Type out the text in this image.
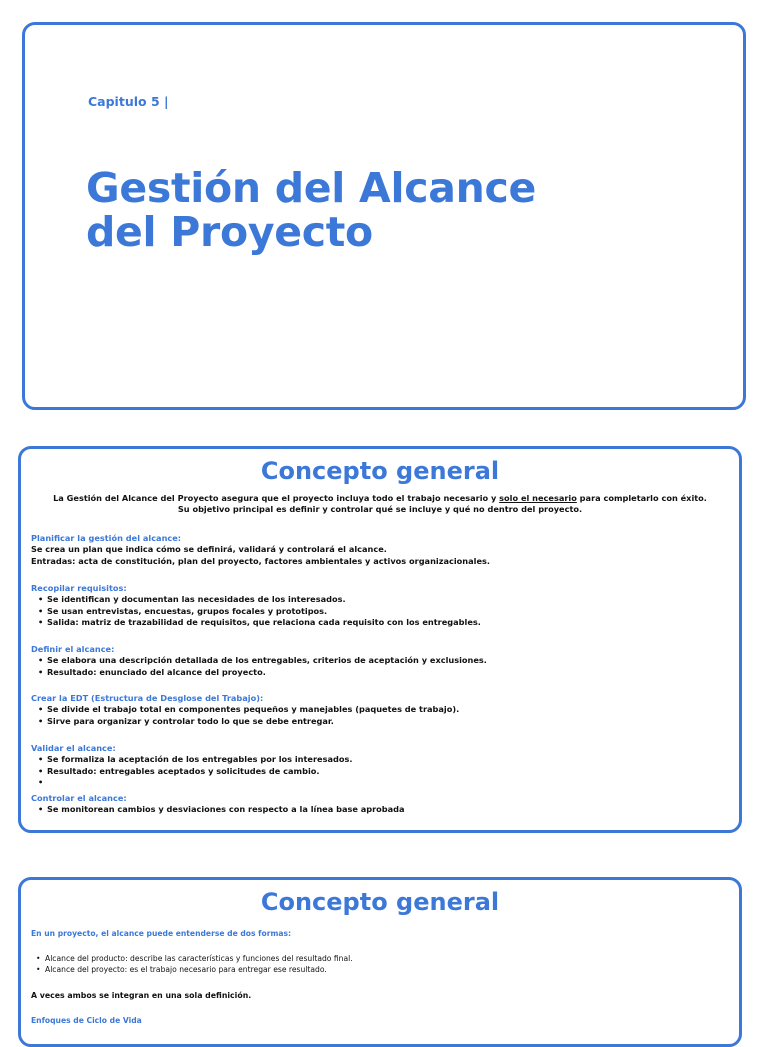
Capitulo 5 |
Gestión del Alcance
del Proyecto
Concepto general

La Gestión del Alcance del Proyecto asegura que el proyecto incluya todo el trabajo necesario y solo el necesario para completarlo con éxito.

Su objetivo principal es definir y controlar qué se incluye y qué no dentro del proyecto.

Planificar la gestión del alcance:
Se crea un plan que indica cómo se definirá, validará y controlará el alcance.
Entradas: acta de constitución, plan del proyecto, factores ambientales y activos organizacionales.
Recopilar requisitos:
• Se identifican y documentan las necesidades de los interesados.
• Se usan entrevistas, encuestas, grupos focales y prototipos.
• Salida: matriz de trazabilidad de requisitos, que relaciona cada requisito con los entregables.
Definir el alcance:
• Se elabora una descripción detallada de los entregables, criterios de aceptación y exclusiones.
• Resultado: enunciado del alcance del proyecto.
Crear la EDT (Estructura de Desglose del Trabajo):
• Se divide el trabajo total en componentes pequeños y manejables (paquetes de trabajo).
• Sirve para organizar y controlar todo lo que se debe entregar.
Validar el alcance:
• Se formaliza la aceptación de los entregables por los interesados.
• Resultado: entregables aceptados y solicitudes de cambio.
•
Controlar el alcance:
• Se monitorean cambios y desviaciones con respecto a la línea base aprobada
Concepto general
En un proyecto, el alcance puede entenderse de dos formas:
• Alcance del producto: describe las características y funciones del resultado final.
• Alcance del proyecto: es el trabajo necesario para entregar ese resultado.
A veces ambos se integran en una sola definición.
Enfoques de Ciclo de Vida
